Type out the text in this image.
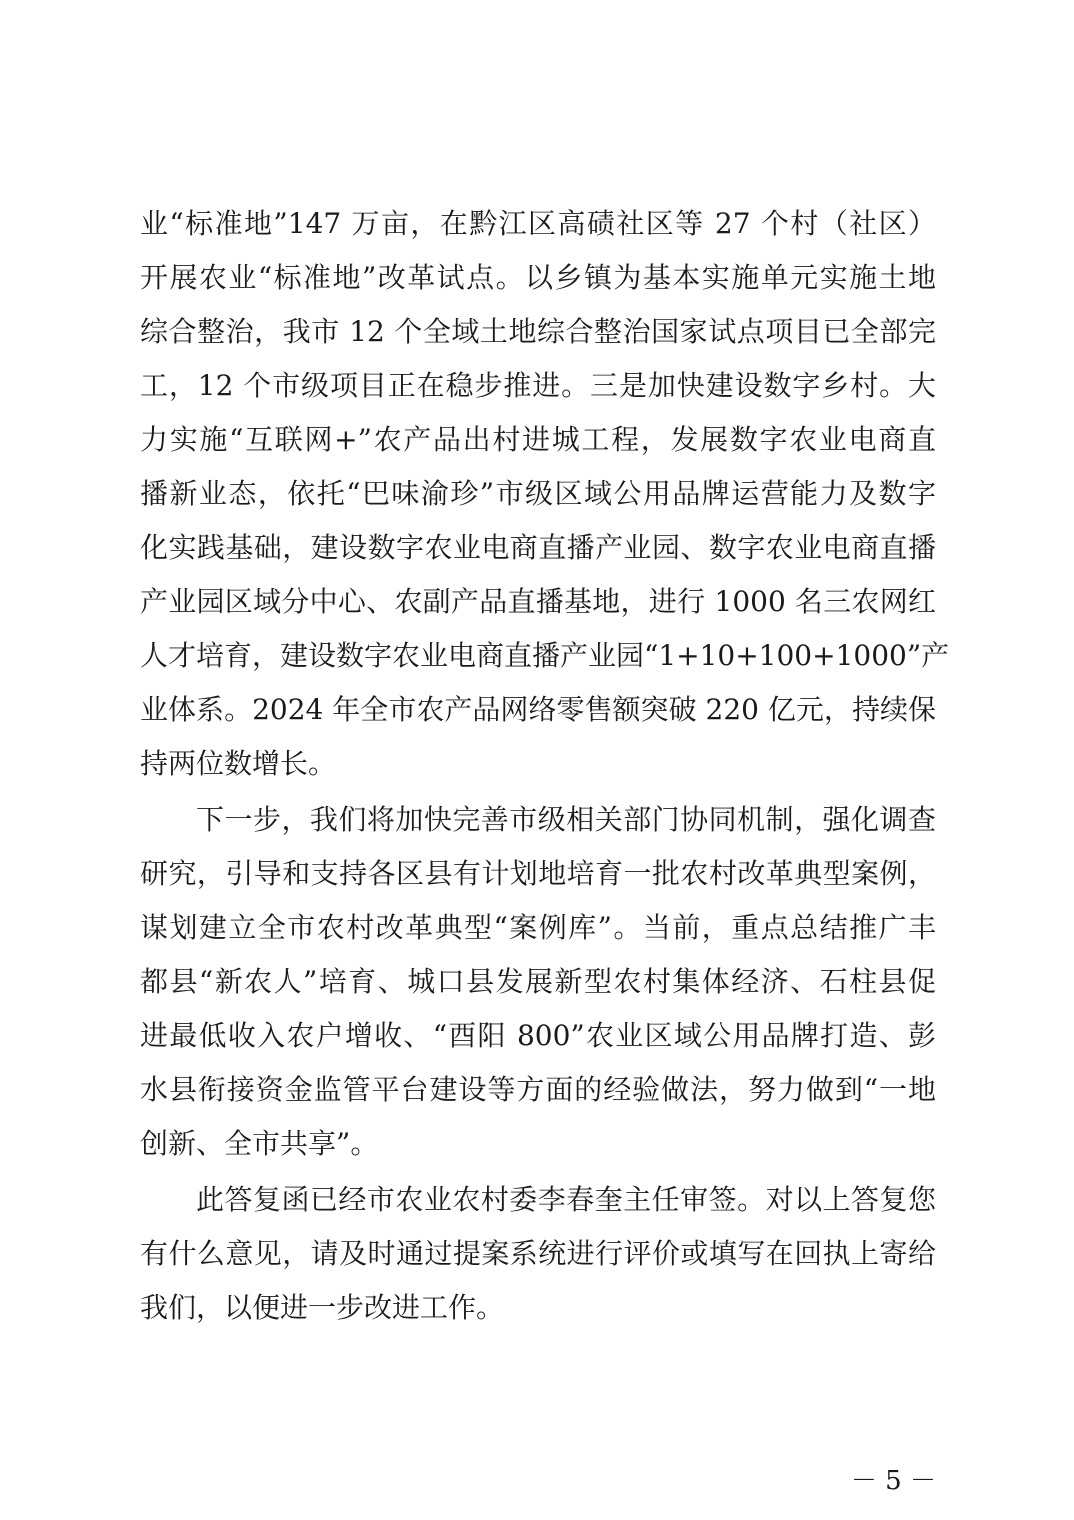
业“标准地”147 万亩，在黔江区高碛社区等 27 个村（社区）
开展农业“标准地”改革试点。以乡镇为基本实施单元实施土地
综合整治，我市 12 个全域土地综合整治国家试点项目已全部完
工，12 个市级项目正在稳步推进。三是加快建设数字乡村。大
力实施“互联网+”农产品出村进城工程，发展数字农业电商直
播新业态，依托“巴味渝珍”市级区域公用品牌运营能力及数字
化实践基础，建设数字农业电商直播产业园、数字农业电商直播
产业园区域分中心、农副产品直播基地，进行 1000 名三农网红
人才培育，建设数字农业电商直播产业园“1+10+100+1000”产
业体系。2024 年全市农产品网络零售额突破 220 亿元，持续保
持两位数增长。
下一步，我们将加快完善市级相关部门协同机制，强化调查
研究，引导和支持各区县有计划地培育一批农村改革典型案例，
谋划建立全市农村改革典型“案例库”。当前，重点总结推广丰
都县“新农人”培育、城口县发展新型农村集体经济、石柱县促
进最低收入农户增收、“酉阳 800”农业区域公用品牌打造、彭
水县衔接资金监管平台建设等方面的经验做法，努力做到“一地
创新、全市共享”。
此答复函已经市农业农村委李春奎主任审签。对以上答复您
有什么意见，请及时通过提案系统进行评价或填写在回执上寄给
我们，以便进一步改进工作。
－ 5 －
